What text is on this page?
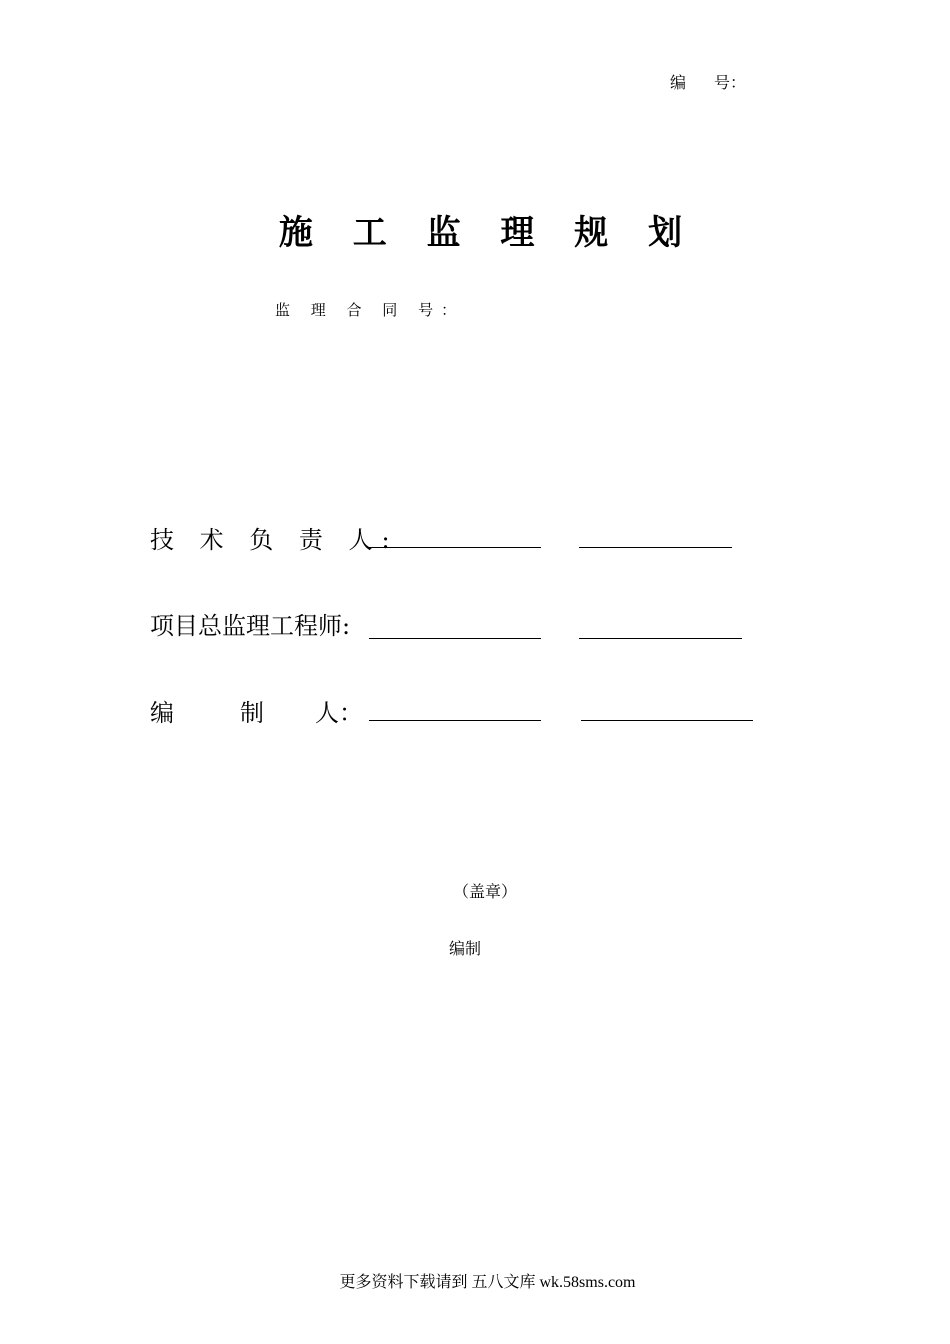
编 号：
施 工 监 理 规 划
监 理 合 同 号：
技 术 负 责 人:
项目总监理工程师:
编	制 人：
（盖章）
编制
更多资料下载请到 五八文库 wk.58sms.com
